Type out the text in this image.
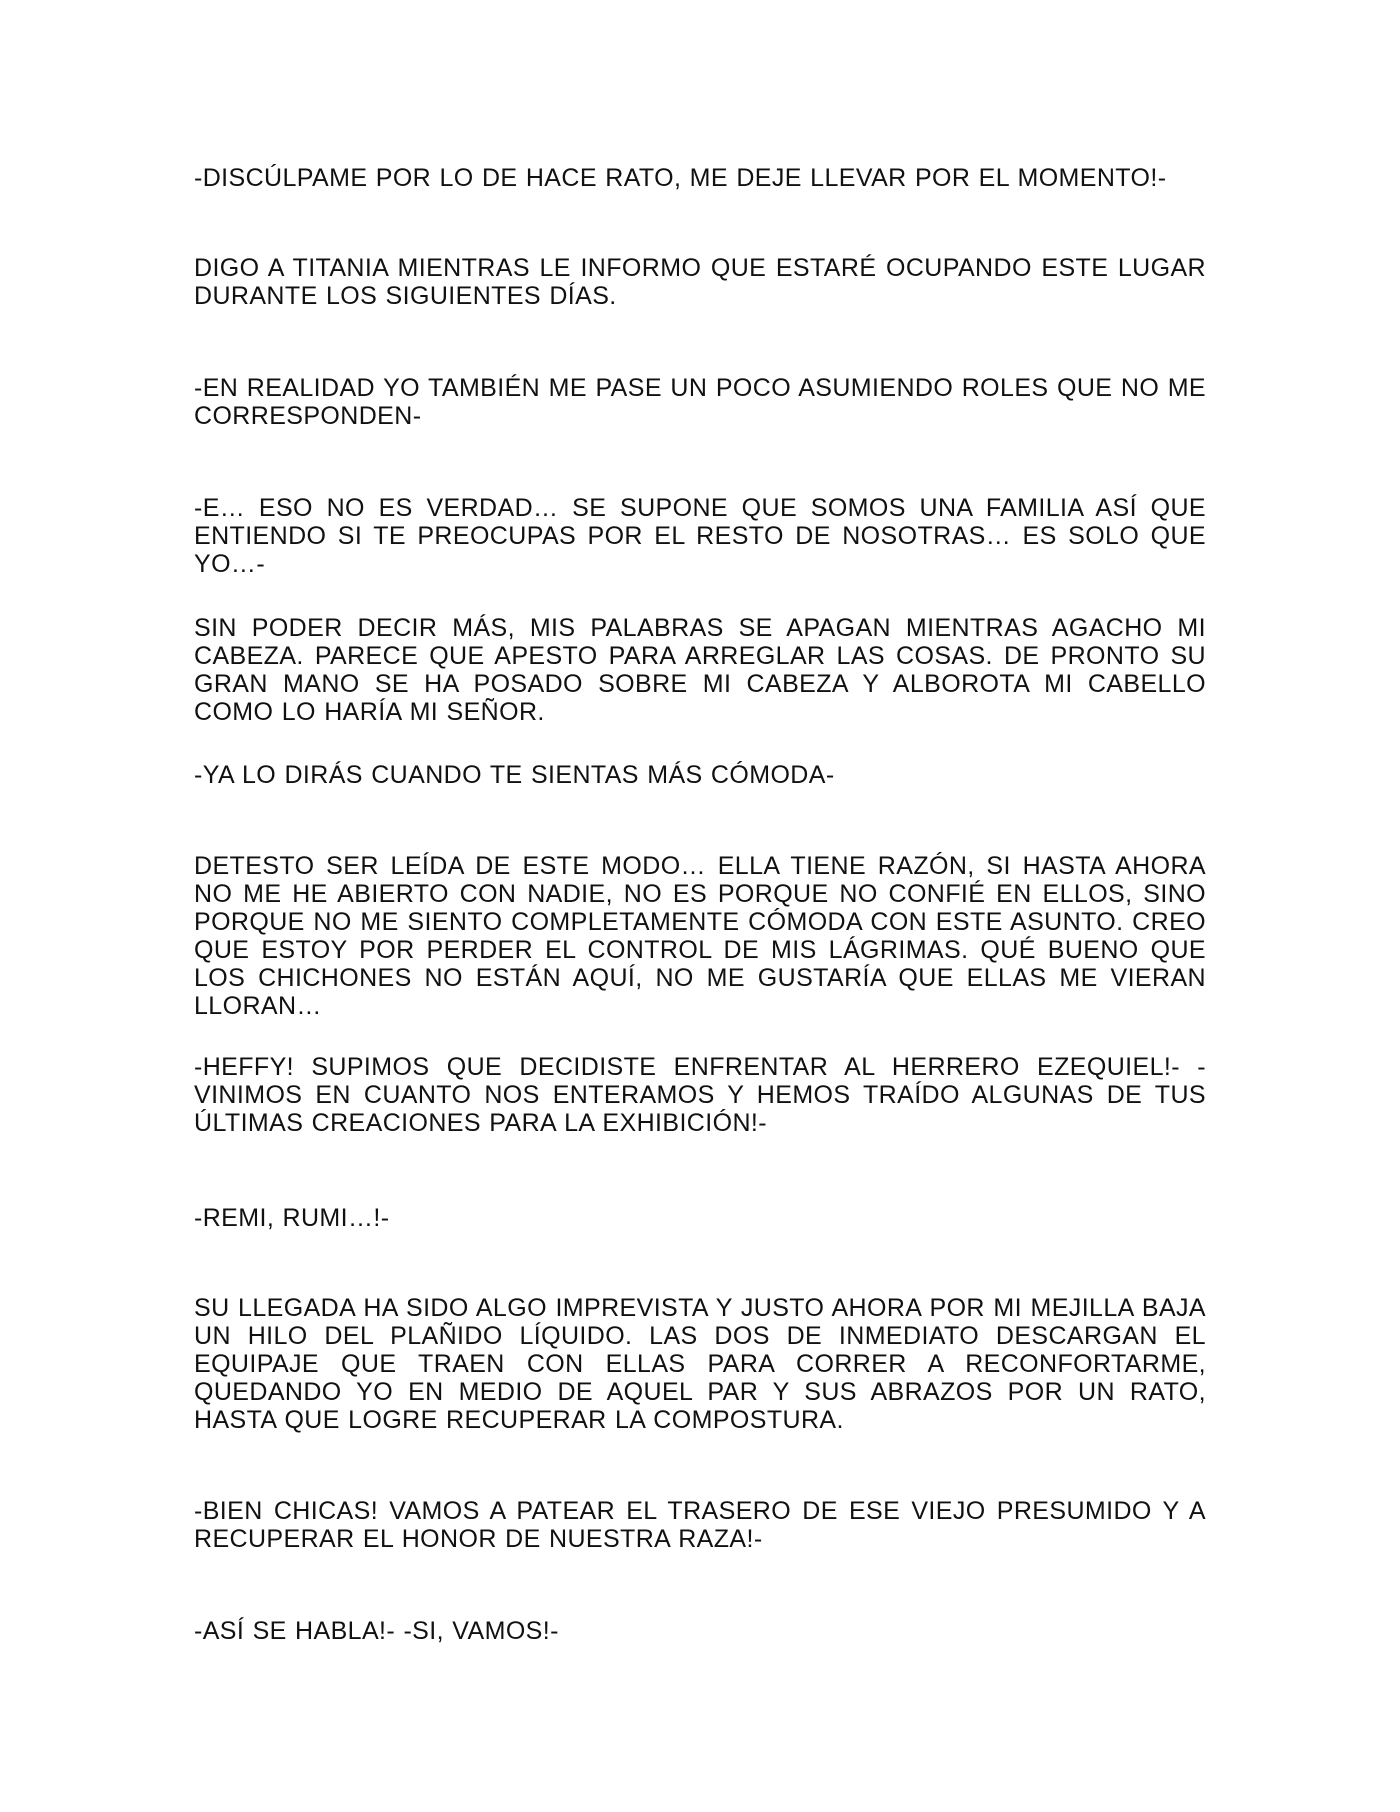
-DISCÚLPAME POR LO DE HACE RATO, ME DEJE LLEVAR POR EL MOMENTO!-

DIGO A TITANIA MIENTRAS LE INFORMO QUE ESTARÉ OCUPANDO ESTE LUGAR DURANTE LOS SIGUIENTES DÍAS.

-EN REALIDAD YO TAMBIÉN ME PASE UN POCO ASUMIENDO ROLES QUE NO ME CORRESPONDEN-

-E… ESO NO ES VERDAD… SE SUPONE QUE SOMOS UNA FAMILIA ASÍ QUE ENTIENDO SI TE PREOCUPAS POR EL RESTO DE NOSOTRAS… ES SOLO QUE YO…-

SIN PODER DECIR MÁS, MIS PALABRAS SE APAGAN MIENTRAS AGACHO MI CABEZA. PARECE QUE APESTO PARA ARREGLAR LAS COSAS. DE PRONTO SU GRAN MANO SE HA POSADO SOBRE MI CABEZA Y ALBOROTA MI CABELLO COMO LO HARÍA MI SEÑOR.

-YA LO DIRÁS CUANDO TE SIENTAS MÁS CÓMODA-

DETESTO SER LEÍDA DE ESTE MODO… ELLA TIENE RAZÓN, SI HASTA AHORA NO ME HE ABIERTO CON NADIE, NO ES PORQUE NO CONFIÉ EN ELLOS, SINO PORQUE NO ME SIENTO COMPLETAMENTE CÓMODA CON ESTE ASUNTO. CREO QUE ESTOY POR PERDER EL CONTROL DE MIS LÁGRIMAS. QUÉ BUENO QUE LOS CHICHONES NO ESTÁN AQUÍ, NO ME GUSTARÍA QUE ELLAS ME VIERAN LLORAN…

-HEFFY! SUPIMOS QUE DECIDISTE ENFRENTAR AL HERRERO EZEQUIEL!- -VINIMOS EN CUANTO NOS ENTERAMOS Y HEMOS TRAÍDO ALGUNAS DE TUS ÚLTIMAS CREACIONES PARA LA EXHIBICIÓN!-

-REMI, RUMI…!-

SU LLEGADA HA SIDO ALGO IMPREVISTA Y JUSTO AHORA POR MI MEJILLA BAJA UN HILO DEL PLAÑIDO LÍQUIDO. LAS DOS DE INMEDIATO DESCARGAN EL EQUIPAJE QUE TRAEN CON ELLAS PARA CORRER A RECONFORTARME, QUEDANDO YO EN MEDIO DE AQUEL PAR Y SUS ABRAZOS POR UN RATO, HASTA QUE LOGRE RECUPERAR LA COMPOSTURA.

-BIEN CHICAS! VAMOS A PATEAR EL TRASERO DE ESE VIEJO PRESUMIDO Y A RECUPERAR EL HONOR DE NUESTRA RAZA!-

-ASÍ SE HABLA!- -SI, VAMOS!-
